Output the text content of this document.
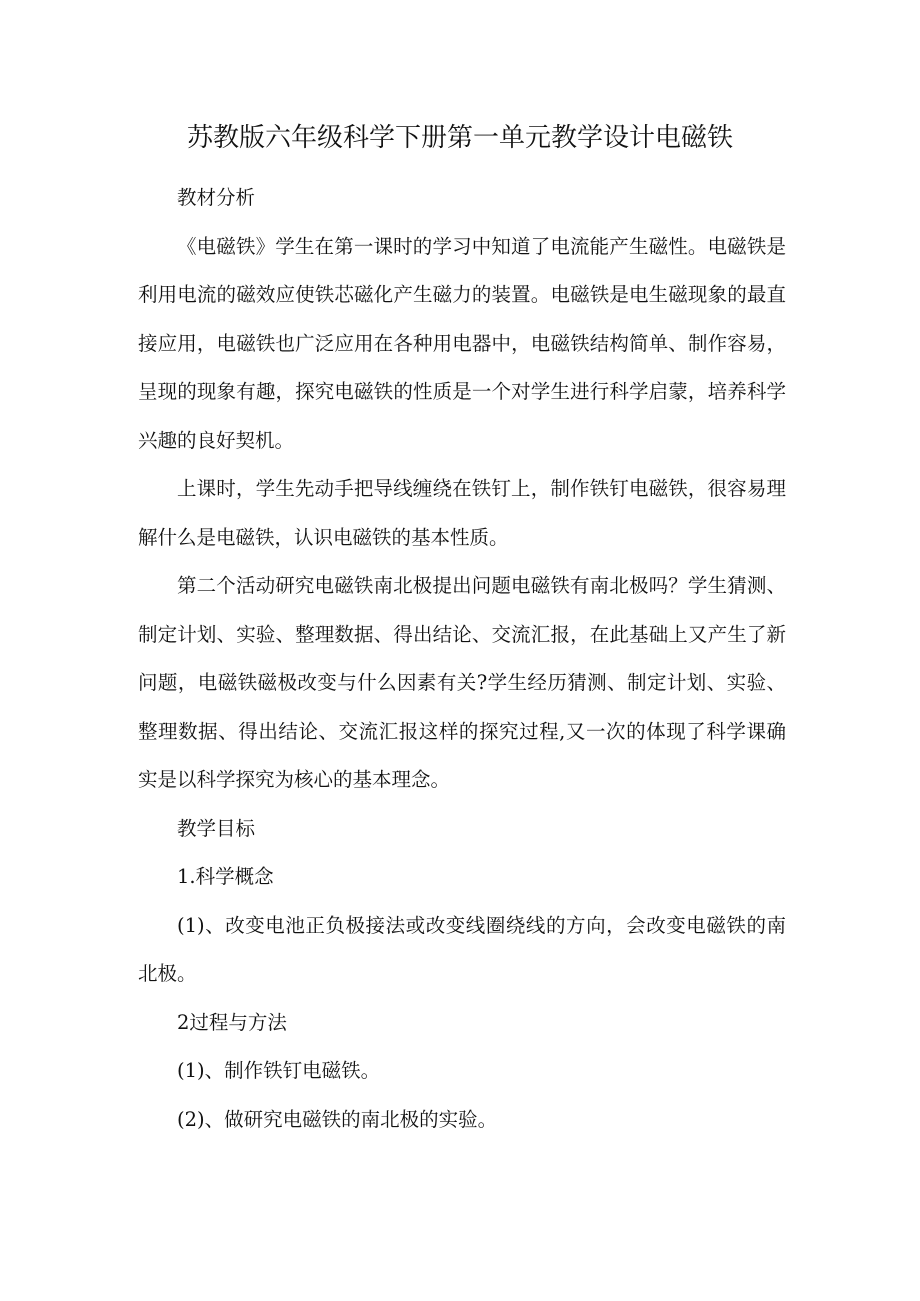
苏教版六年级科学下册第一单元教学设计电磁铁

教材分析

《电磁铁》学生在第一课时的学习中知道了电流能产生磁性。电磁铁是利用电流的磁效应使铁芯磁化产生磁力的装置。电磁铁是电生磁现象的最直接应用，电磁铁也广泛应用在各种用电器中，电磁铁结构简单、制作容易，呈现的现象有趣，探究电磁铁的性质是一个对学生进行科学启蒙，培养科学兴趣的良好契机。

上课时，学生先动手把导线缠绕在铁钉上，制作铁钉电磁铁，很容易理解什么是电磁铁，认识电磁铁的基本性质。

第二个活动研究电磁铁南北极提出问题电磁铁有南北极吗？学生猜测、制定计划、实验、整理数据、得出结论、交流汇报，在此基础上又产生了新问题，电磁铁磁极改变与什么因素有关?学生经历猜测、制定计划、实验、整理数据、得出结论、交流汇报这样的探究过程,又一次的体现了科学课确实是以科学探究为核心的基本理念。

教学目标

1.科学概念

(1)、改变电池正负极接法或改变线圈绕线的方向，会改变电磁铁的南北极。

2过程与方法

(1)、制作铁钉电磁铁。

(2)、做研究电磁铁的南北极的实验。
